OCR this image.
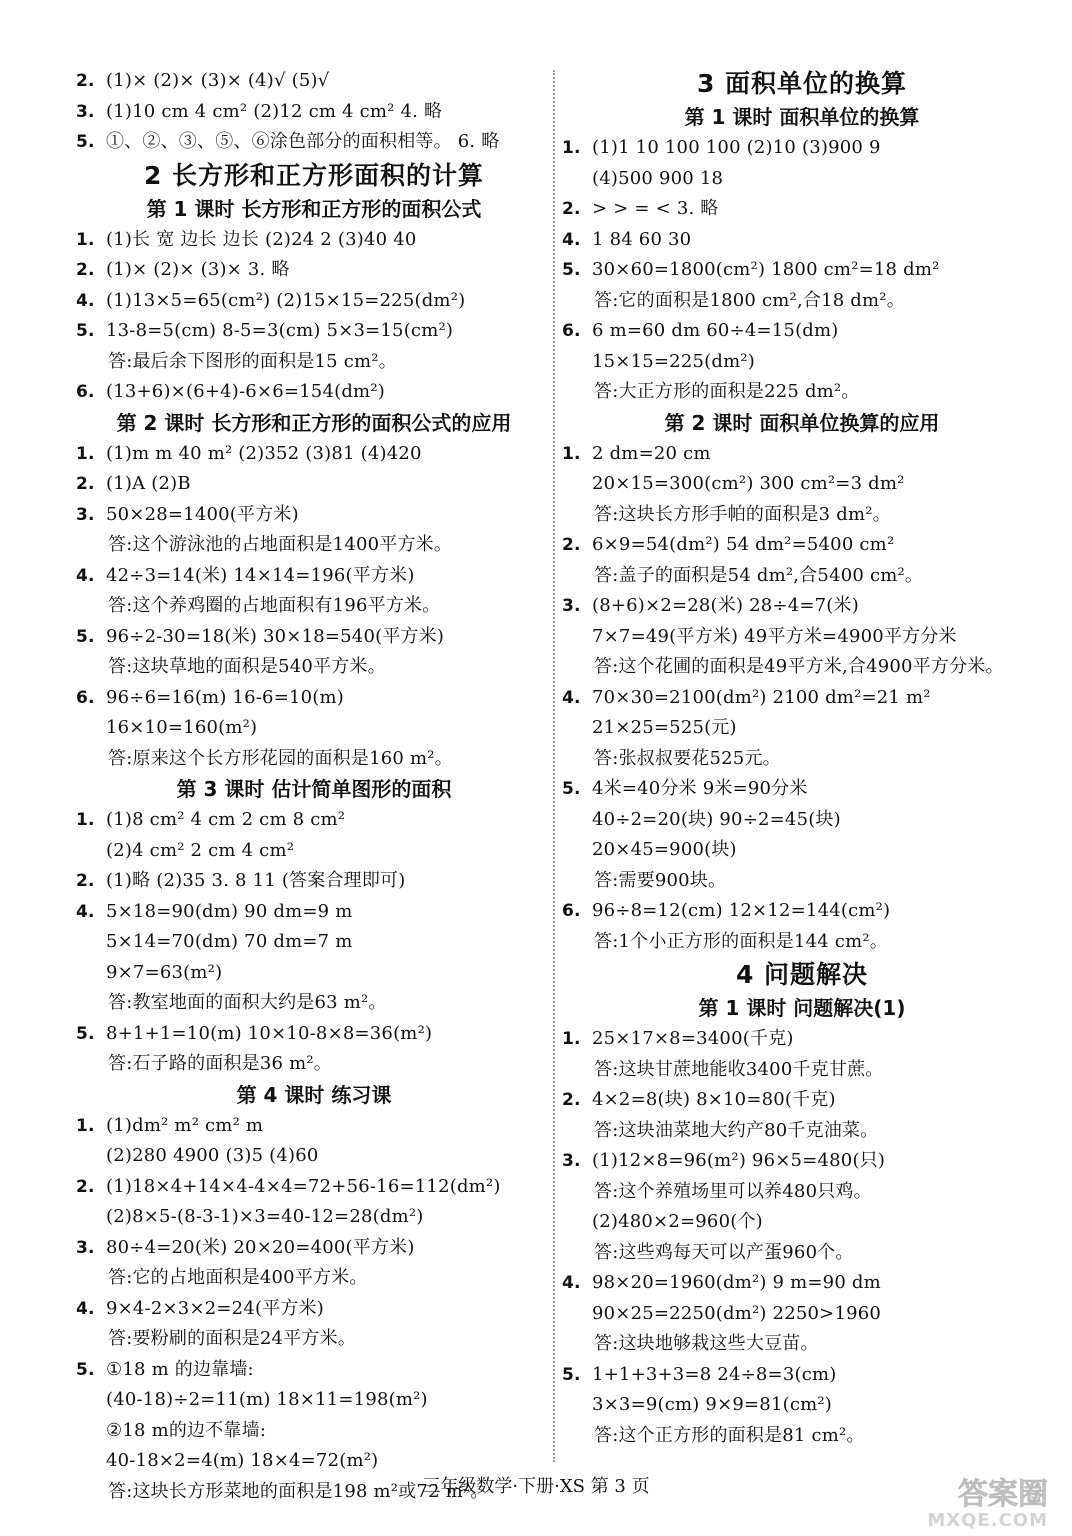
2. (1)× (2)× (3)× (4)√ (5)√
3. (1)10 cm 4 cm² (2)12 cm 4 cm² 4. 略
5. ①、②、③、⑤、⑥涂色部分的面积相等。 6. 略
2 长方形和正方形面积的计算
第 1 课时 长方形和正方形的面积公式
1. (1)长 宽 边长 边长 (2)24 2 (3)40 40
2. (1)× (2)× (3)× 3. 略
4. (1)13×5=65(cm²) (2)15×15=225(dm²)
5. 13-8=5(cm) 8-5=3(cm) 5×3=15(cm²)
答:最后余下图形的面积是15 cm²。
6. (13+6)×(6+4)-6×6=154(dm²)
第 2 课时 长方形和正方形的面积公式的应用
1. (1)m m 40 m² (2)352 (3)81 (4)420
2. (1)A (2)B
3. 50×28=1400(平方米)
答:这个游泳池的占地面积是1400平方米。
4. 42÷3=14(米) 14×14=196(平方米)
答:这个养鸡圈的占地面积有196平方米。
5. 96÷2-30=18(米) 30×18=540(平方米)
答:这块草地的面积是540平方米。
6. 96÷6=16(m) 16-6=10(m)
16×10=160(m²)
答:原来这个长方形花园的面积是160 m²。
第 3 课时 估计简单图形的面积
1. (1)8 cm² 4 cm 2 cm 8 cm²
(2)4 cm² 2 cm 4 cm²
2. (1)略 (2)35 3. 8 11 (答案合理即可)
4. 5×18=90(dm) 90 dm=9 m
5×14=70(dm) 70 dm=7 m
9×7=63(m²)
答:教室地面的面积大约是63 m²。
5. 8+1+1=10(m) 10×10-8×8=36(m²)
答:石子路的面积是36 m²。
第 4 课时 练习课
1. (1)dm² m² cm² m
(2)280 4900 (3)5 (4)60
2. (1)18×4+14×4-4×4=72+56-16=112(dm²)
(2)8×5-(8-3-1)×3=40-12=28(dm²)
3. 80÷4=20(米) 20×20=400(平方米)
答:它的占地面积是400平方米。
4. 9×4-2×3×2=24(平方米)
答:要粉刷的面积是24平方米。
5. ①18 m 的边靠墙:
(40-18)÷2=11(m) 18×11=198(m²)
②18 m的边不靠墙:
40-18×2=4(m) 18×4=72(m²)
答:这块长方形菜地的面积是198 m²或72 m²。
3 面积单位的换算
第 1 课时 面积单位的换算
1. (1)1 10 100 100 (2)10 (3)900 9
(4)500 900 18
2. > > = < 3. 略
4. 1 84 60 30
5. 30×60=1800(cm²) 1800 cm²=18 dm²
答:它的面积是1800 cm²,合18 dm²。
6. 6 m=60 dm 60÷4=15(dm)
15×15=225(dm²)
答:大正方形的面积是225 dm²。
第 2 课时 面积单位换算的应用
1. 2 dm=20 cm
20×15=300(cm²) 300 cm²=3 dm²
答:这块长方形手帕的面积是3 dm²。
2. 6×9=54(dm²) 54 dm²=5400 cm²
答:盖子的面积是54 dm²,合5400 cm²。
3. (8+6)×2=28(米) 28÷4=7(米)
7×7=49(平方米) 49平方米=4900平方分米
答:这个花圃的面积是49平方米,合4900平方分米。
4. 70×30=2100(dm²) 2100 dm²=21 m²
21×25=525(元)
答:张叔叔要花525元。
5. 4米=40分米 9米=90分米
40÷2=20(块) 90÷2=45(块)
20×45=900(块)
答:需要900块。
6. 96÷8=12(cm) 12×12=144(cm²)
答:1个小正方形的面积是144 cm²。
4 问题解决
第 1 课时 问题解决(1)
1. 25×17×8=3400(千克)
答:这块甘蔗地能收3400千克甘蔗。
2. 4×2=8(块) 8×10=80(千克)
答:这块油菜地大约产80千克油菜。
3. (1)12×8=96(m²) 96×5=480(只)
答:这个养殖场里可以养480只鸡。
(2)480×2=960(个)
答:这些鸡每天可以产蛋960个。
4. 98×20=1960(dm²) 9 m=90 dm
90×25=2250(dm²) 2250>1960
答:这块地够栽这些大豆苗。
5. 1+1+3+3=8 24÷8=3(cm)
3×3=9(cm) 9×9=81(cm²)
答:这个正方形的面积是81 cm²。
三年级数学·下册·XS 第 3 页	答案圈
MXQE.COM
